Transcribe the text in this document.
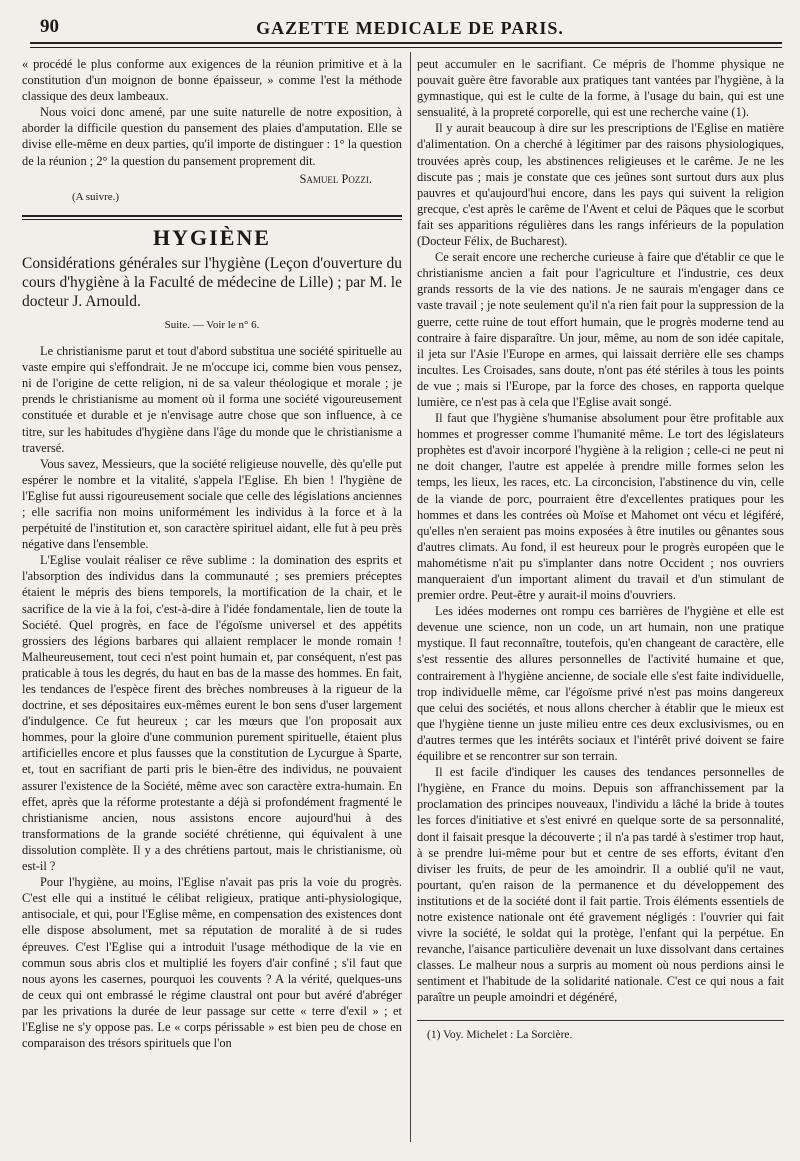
90	GAZETTE MEDICALE DE PARIS.

« procédé le plus conforme aux exigences de la réunion primitive et à la constitution d'un moignon de bonne épaisseur, » comme l'est la méthode classique des deux lambeaux.

Nous voici donc amené, par une suite naturelle de notre exposition, à aborder la difficile question du pansement des plaies d'amputation. Elle se divise elle-même en deux parties, qu'il importe de distinguer : 1° la question de la réunion ; 2° la question du pansement proprement dit.

Samuel Pozzi.
(A suivre.)
HYGIÈNE

Considérations générales sur l'hygiène (Leçon d'ouverture du cours d'hygiène à la Faculté de médecine de Lille) ; par M. le docteur J. Arnould.

Suite. — Voir le n° 6.

Le christianisme parut et tout d'abord substitua une société spirituelle au vaste empire qui s'effondrait. Je ne m'occupe ici, comme bien vous pensez, ni de l'origine de cette religion, ni de sa valeur théologique et morale ; je prends le christianisme au moment où il forma une société vigoureusement constituée et durable et je n'envisage autre chose que son influence, à ce titre, sur les habitudes d'hygiène dans l'âge du monde que le christianisme a traversé.

Vous savez, Messieurs, que la société religieuse nouvelle, dès qu'elle put espérer le nombre et la vitalité, s'appela l'Eglise. Eh bien ! l'hygiène de l'Eglise fut aussi rigoureusement sociale que celle des législations anciennes ; elle sacrifia non moins uniformément les individus à la force et à la perpétuité de l'institution et, son caractère spirituel aidant, elle fut à peu près négative dans l'ensemble.

L'Eglise voulait réaliser ce rêve sublime : la domination des esprits et l'absorption des individus dans la communauté ; ses premiers préceptes étaient le mépris des biens temporels, la mortification de la chair, et le sacrifice de la vie à la foi, c'est-à-dire à l'idée fondamentale, lien de toute la Société. Quel progrès, en face de l'égoïsme universel et des appétits grossiers des légions barbares qui allaient remplacer le monde romain ! Malheureusement, tout ceci n'est point humain et, par conséquent, n'est pas praticable à tous les degrés, du haut en bas de la masse des hommes. En fait, les tendances de l'espèce firent des brèches nombreuses à la rigueur de la doctrine, et ses dépositaires eux-mêmes eurent le bon sens d'user largement d'indulgence. Ce fut heureux ; car les mœurs que l'on proposait aux hommes, pour la gloire d'une communion purement spirituelle, étaient plus artificielles encore et plus fausses que la constitution de Lycurgue à Sparte, et, tout en sacrifiant de parti pris le bien-être des individus, ne pouvaient assurer l'existence de la Société, même avec son caractère extra-humain. En effet, après que la réforme protestante a déjà si profondément fragmenté le christianisme ancien, nous assistons encore aujourd'hui à des transformations de la grande société chrétienne, qui équivalent à une dissolution complète. Il y a des chrétiens partout, mais le christianisme, où est-il ?

Pour l'hygiène, au moins, l'Eglise n'avait pas pris la voie du progrès. C'est elle qui a institué le célibat religieux, pratique anti-physiologique, antisociale, et qui, pour l'Eglise même, en compensation des existences dont elle dispose absolument, met sa réputation de moralité à de si rudes épreuves. C'est l'Eglise qui a introduit l'usage méthodique de la vie en commun sous abris clos et multiplié les foyers d'air confiné ; s'il faut que nous ayons les casernes, pourquoi les couvents ? A la vérité, quelques-uns de ceux qui ont embrassé le régime claustral ont pour but avéré d'abréger par les privations la durée de leur passage sur cette « terre d'exil » ; et l'Eglise ne s'y oppose pas. Le « corps périssable » est bien peu de chose en comparaison des trésors spirituels que l'on

peut accumuler en le sacrifiant. Ce mépris de l'homme physique ne pouvait guère être favorable aux pratiques tant vantées par l'hygiène, à la gymnastique, qui est le culte de la forme, à l'usage du bain, qui est une sensualité, à la propreté corporelle, qui est une recherche vaine (1).

Il y aurait beaucoup à dire sur les prescriptions de l'Eglise en matière d'alimentation. On a cherché à légitimer par des raisons physiologiques, trouvées après coup, les abstinences religieuses et le carême. Je ne les discute pas ; mais je constate que ces jeûnes sont surtout durs aux plus pauvres et qu'aujourd'hui encore, dans les pays qui suivent la religion grecque, c'est après le carême de l'Avent et celui de Pâques que le scorbut fait ses apparitions régulières dans les rangs inférieurs de la population (Docteur Félix, de Bucharest).

Ce serait encore une recherche curieuse à faire que d'établir ce que le christianisme ancien a fait pour l'agriculture et l'industrie, ces deux grands ressorts de la vie des nations. Je ne saurais m'engager dans ce vaste travail ; je note seulement qu'il n'a rien fait pour la suppression de la guerre, cette ruine de tout effort humain, que le progrès moderne tend au contraire à faire disparaître. Un jour, même, au nom de son idée capitale, il jeta sur l'Asie l'Europe en armes, qui laissait derrière elle ses champs incultes. Les Croisades, sans doute, n'ont pas été stériles à tous les points de vue ; mais si l'Europe, par la force des choses, en rapporta quelque lumière, ce n'est pas à cela que l'Eglise avait songé.

Il faut que l'hygiène s'humanise absolument pour être profitable aux hommes et progresser comme l'humanité même. Le tort des législateurs prophètes est d'avoir incorporé l'hygiène à la religion ; celle-ci ne peut ni ne doit changer, l'autre est appelée à prendre mille formes selon les temps, les lieux, les races, etc. La circoncision, l'abstinence du vin, celle de la viande de porc, pourraient être d'excellentes pratiques pour les hommes et dans les contrées où Moïse et Mahomet ont vécu et légiféré, qu'elles n'en seraient pas moins exposées à être inutiles ou gênantes sous d'autres climats. Au fond, il est heureux pour le progrès européen que le mahométisme n'ait pu s'implanter dans notre Occident ; nos ouvriers manqueraient d'un important aliment du travail et d'un stimulant de premier ordre. Peut-être y aurait-il moins d'ouvriers.

Les idées modernes ont rompu ces barrières de l'hygiène et elle est devenue une science, non un code, un art humain, non une pratique mystique. Il faut reconnaître, toutefois, qu'en changeant de caractère, elle s'est ressentie des allures personnelles de l'activité humaine et que, contrairement à l'hygiène ancienne, de sociale elle s'est faite individuelle, trop individuelle même, car l'égoïsme privé n'est pas moins dangereux que celui des sociétés, et nous allons chercher à établir que le mieux est que l'hygiène tienne un juste milieu entre ces deux exclusivismes, ou en d'autres termes que les intérêts sociaux et l'intérêt privé doivent se faire équilibre et se rencontrer sur son terrain.

Il est facile d'indiquer les causes des tendances personnelles de l'hygiène, en France du moins. Depuis son affranchissement par la proclamation des principes nouveaux, l'individu a lâché la bride à toutes les forces d'initiative et s'est enivré en quelque sorte de sa personnalité, dont il faisait presque la découverte ; il n'a pas tardé à s'estimer trop haut, à se prendre lui-même pour but et centre de ses efforts, évitant d'en diviser les fruits, de peur de les amoindrir. Il a oublié qu'il ne vaut, pourtant, qu'en raison de la permanence et du développement des institutions et de la société dont il fait partie. Trois éléments essentiels de notre existence nationale ont été gravement négligés : l'ouvrier qui fait vivre la société, le soldat qui la protège, l'enfant qui la perpétue. En revanche, l'aisance particulière devenait un luxe dissolvant dans certaines classes. Le malheur nous a surpris au moment où nous perdions ainsi le sentiment et l'habitude de la solidarité nationale. C'est ce qui nous a fait paraître un peuple amoindri et dégénéré,

(1) Voy. Michelet : La Sorcière.
